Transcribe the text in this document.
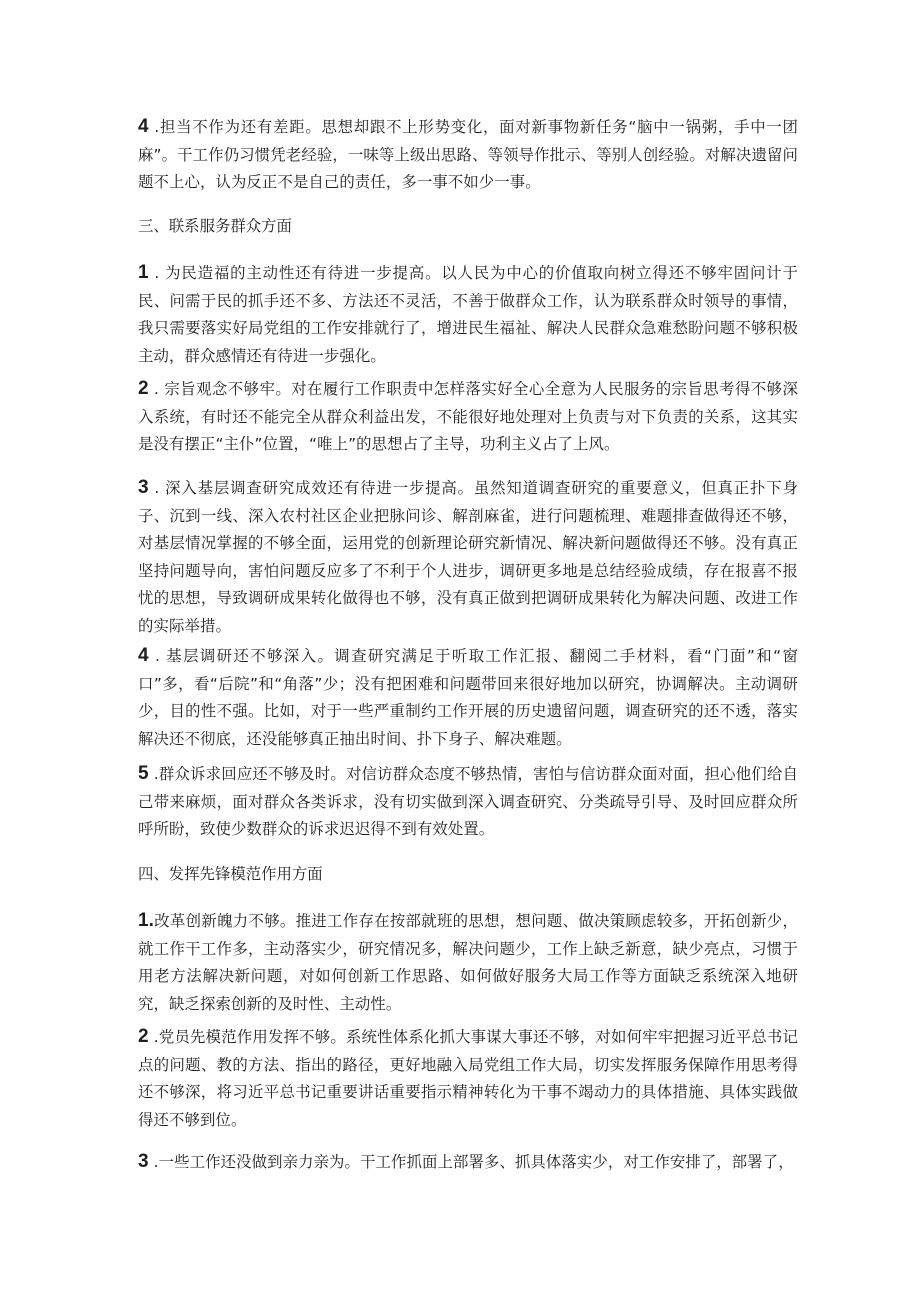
4 .担当不作为还有差距。思想却跟不上形势变化，面对新事物新任务“脑中一锅粥，手中一团麻”。干工作仍习惯凭老经验，一味等上级出思路、等领导作批示、等别人创经验。对解决遗留问题不上心，认为反正不是自己的责任，多一事不如少一事。

三、联系服务群众方面

1 . 为民造福的主动性还有待进一步提高。以人民为中心的价值取向树立得还不够牢固问计于民、问需于民的抓手还不多、方法还不灵活，不善于做群众工作，认为联系群众时领导的事情，我只需要落实好局党组的工作安排就行了，增进民生福祉、解决人民群众急难愁盼问题不够积极主动，群众感情还有待进一步强化。

2 . 宗旨观念不够牢。对在履行工作职责中怎样落实好全心全意为人民服务的宗旨思考得不够深入系统，有时还不能完全从群众利益出发，不能很好地处理对上负责与对下负责的关系，这其实是没有摆正“主仆”位置，“唯上”的思想占了主导，功利主义占了上风。

3 . 深入基层调查研究成效还有待进一步提高。虽然知道调查研究的重要意义，但真正扑下身子、沉到一线、深入农村社区企业把脉问诊、解剖麻雀，进行问题梳理、难题排查做得还不够，对基层情况掌握的不够全面，运用党的创新理论研究新情况、解决新问题做得还不够。没有真正坚持问题导向，害怕问题反应多了不利于个人进步，调研更多地是总结经验成绩，存在报喜不报忧的思想，导致调研成果转化做得也不够，没有真正做到把调研成果转化为解决问题、改进工作的实际举措。

4 . 基层调研还不够深入。调查研究满足于听取工作汇报、翻阅二手材料，看“门面”和“窗口”多，看“后院”和“角落”少；没有把困难和问题带回来很好地加以研究，协调解决。主动调研少，目的性不强。比如，对于一些严重制约工作开展的历史遗留问题，调查研究的还不透，落实解决还不彻底，还没能够真正抽出时间、扑下身子、解决难题。

5 .群众诉求回应还不够及时。对信访群众态度不够热情，害怕与信访群众面对面，担心他们给自己带来麻烦，面对群众各类诉求，没有切实做到深入调查研究、分类疏导引导、及时回应群众所呼所盼，致使少数群众的诉求迟迟得不到有效处置。

四、发挥先锋模范作用方面

1.改革创新魄力不够。推进工作存在按部就班的思想，想问题、做决策顾虑较多，开拓创新少，就工作干工作多，主动落实少，研究情况多，解决问题少，工作上缺乏新意，缺少亮点，习惯于用老方法解决新问题，对如何创新工作思路、如何做好服务大局工作等方面缺乏系统深入地研究，缺乏探索创新的及时性、主动性。

2 .党员先模范作用发挥不够。系统性体系化抓大事谋大事还不够，对如何牢牢把握习近平总书记点的问题、教的方法、指出的路径，更好地融入局党组工作大局，切实发挥服务保障作用思考得还不够深，将习近平总书记重要讲话重要指示精神转化为干事不竭动力的具体措施、具体实践做得还不够到位。

3 .一些工作还没做到亲力亲为。干工作抓面上部署多、抓具体落实少，对工作安排了，部署了，
